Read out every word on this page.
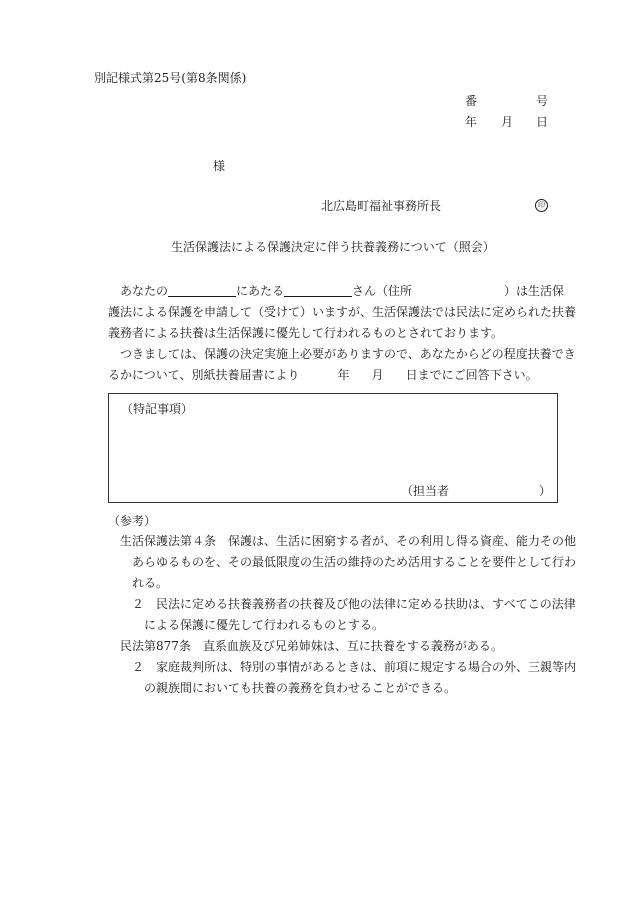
別記様式第25号(第8条関係)
番	号
年 月 日
様
北広島町福祉事務所長	印
生活保護法による保護決定に伴う扶養義務について（照会）

あなたの	にあたる	さん（住所	）は生活保
護法による保護を申請して（受けて）いますが、生活保護法では民法に定められた扶養
義務者による扶養は生活保護に優先して行われるものとされております。

つきましては、保護の決定実施上必要がありますので、あなたからどの程度扶養でき
るかについて、別紙扶養届書により	年 月 日までにご回答下さい。

（特記事項）
（担当者	）
（参考）

生活保護法第４条　保護は、生活に困窮する者が、その利用し得る資産、能力その他あらゆるものを、その最低限度の生活の維持のため活用することを要件として行われる。

２　民法に定める扶養義務者の扶養及び他の法律に定める扶助は、すべてこの法律による保護に優先して行われるものとする。

民法第877条　直系血族及び兄弟姉妹は、互に扶養をする義務がある。

２　家庭裁判所は、特別の事情があるときは、前項に規定する場合の外、三親等内の親族間においても扶養の義務を負わせることができる。
